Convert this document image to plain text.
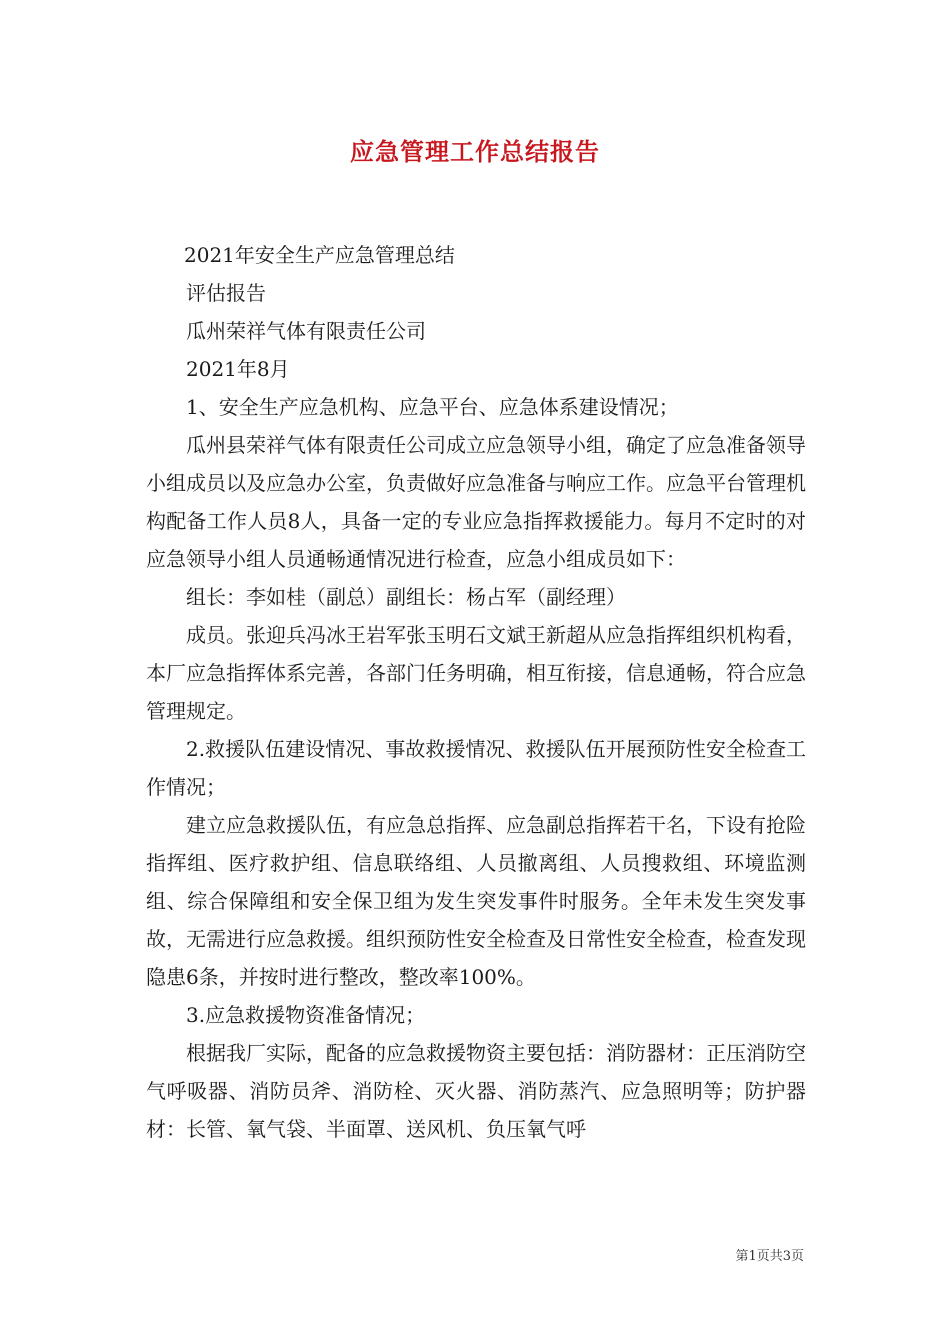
应急管理工作总结报告

2021年安全生产应急管理总结

评估报告

瓜州荣祥气体有限责任公司

2021年8月

1、安全生产应急机构、应急平台、应急体系建设情况；

瓜州县荣祥气体有限责任公司成立应急领导小组，确定了应急准备领导小组成员以及应急办公室，负责做好应急准备与响应工作。应急平台管理机构配备工作人员8人，具备一定的专业应急指挥救援能力。每月不定时的对应急领导小组人员通畅通情况进行检查，应急小组成员如下：

组长：李如桂（副总）副组长：杨占军（副经理）

成员。张迎兵冯冰王岩军张玉明石文斌王新超从应急指挥组织机构看，本厂应急指挥体系完善，各部门任务明确，相互衔接，信息通畅，符合应急管理规定。

2.救援队伍建设情况、事故救援情况、救援队伍开展预防性安全检查工作情况；

建立应急救援队伍，有应急总指挥、应急副总指挥若干名，下设有抢险指挥组、医疗救护组、信息联络组、人员撤离组、人员搜救组、环境监测组、综合保障组和安全保卫组为发生突发事件时服务。全年未发生突发事故，无需进行应急救援。组织预防性安全检查及日常性安全检查，检查发现隐患6条，并按时进行整改，整改率100%。

3.应急救援物资准备情况；

根据我厂实际，配备的应急救援物资主要包括：消防器材：正压消防空气呼吸器、消防员斧、消防栓、灭火器、消防蒸汽、应急照明等；防护器材：长管、氧气袋、半面罩、送风机、负压氧气呼

第1页共3页
